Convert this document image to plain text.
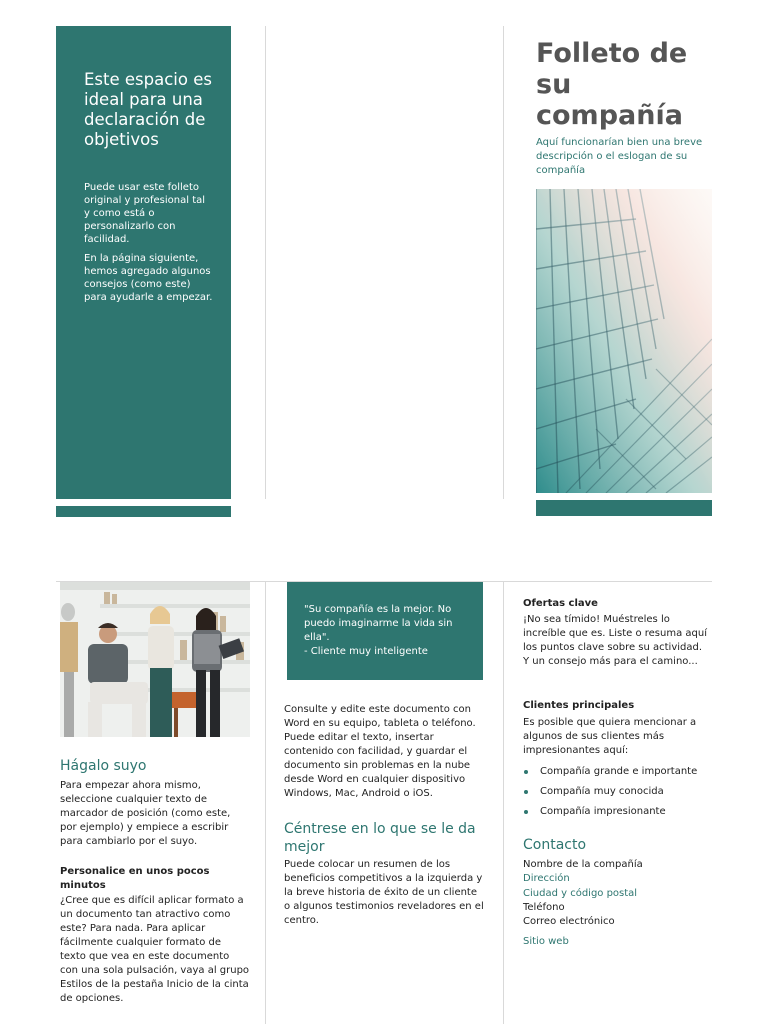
Este espacio es ideal para una declaración de objetivos
Puede usar este folleto original y profesional tal y como está o personalizarlo con facilidad.
En la página siguiente, hemos agregado algunos consejos (como este) para ayudarle a empezar.
Folleto de su compañía
Aquí funcionarían bien una breve descripción o el eslogan de su compañía
Hágalo suyo

Para empezar ahora mismo, seleccione cualquier texto de marcador de posición (como este, por ejemplo) y empiece a escribir para cambiarlo por el suyo.

Personalice en unos pocos minutos

¿Cree que es difícil aplicar formato a un documento tan atractivo como este? Para nada. Para aplicar fácilmente cualquier formato de texto que vea en este documento con una sola pulsación, vaya al grupo Estilos de la pestaña Inicio de la cinta de opciones.

"Su compañía es la mejor. No puedo imaginarme la vida sin ella".

- Cliente muy inteligente

Consulte y edite este documento con Word en su equipo, tableta o teléfono. Puede editar el texto, insertar contenido con facilidad, y guardar el documento sin problemas en la nube desde Word en cualquier dispositivo Windows, Mac, Android o iOS.

Céntrese en lo que se le da mejor

Puede colocar un resumen de los beneficios competitivos a la izquierda y la breve historia de éxito de un cliente o algunos testimonios reveladores en el centro.

Ofertas clave

¡No sea tímido! Muéstreles lo increíble que es. Liste o resuma aquí los puntos clave sobre su actividad. Y un consejo más para el camino...

Clientes principales

Es posible que quiera mencionar a algunos de sus clientes más impresionantes aquí:

Compañía grande e importante
Compañía muy conocida
Compañía impresionante
Contacto

Nombre de la compañía

Dirección

Ciudad y código postal

Teléfono

Correo electrónico

Sitio web
